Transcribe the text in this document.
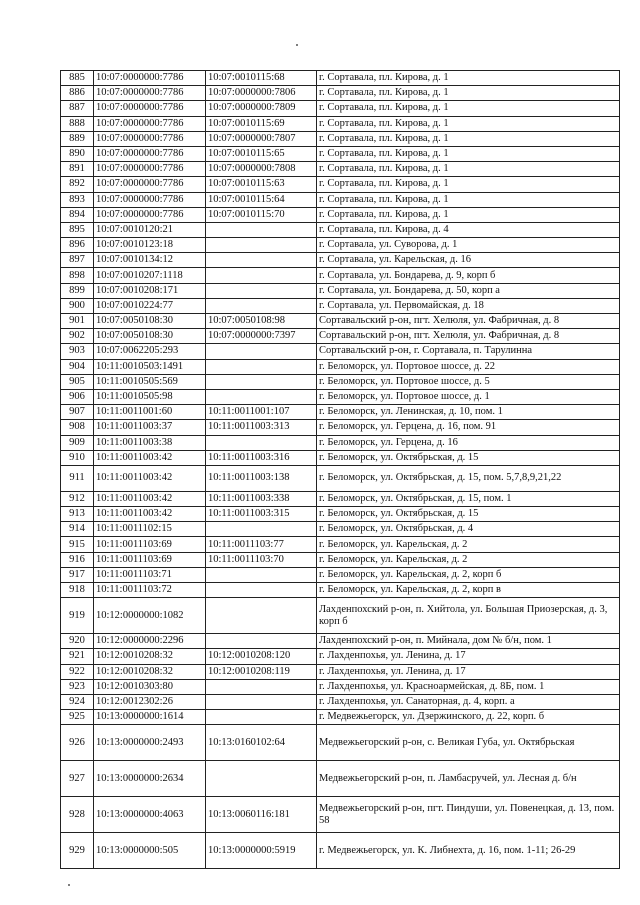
885	10:07:0000000:7786	10:07:0010115:68	г. Сортавала, пл. Кирова, д. 1
886	10:07:0000000:7786	10:07:0000000:7806	г. Сортавала, пл. Кирова, д. 1
887	10:07:0000000:7786	10:07:0000000:7809	г. Сортавала, пл. Кирова, д. 1
888	10:07:0000000:7786	10:07:0010115:69	г. Сортавала, пл. Кирова, д. 1
889	10:07:0000000:7786	10:07:0000000:7807	г. Сортавала, пл. Кирова, д. 1
890	10:07:0000000:7786	10:07:0010115:65	г. Сортавала, пл. Кирова, д. 1
891	10:07:0000000:7786	10:07:0000000:7808	г. Сортавала, пл. Кирова, д. 1
892	10:07:0000000:7786	10:07:0010115:63	г. Сортавала, пл. Кирова, д. 1
893	10:07:0000000:7786	10:07:0010115:64	г. Сортавала, пл. Кирова, д. 1
894	10:07:0000000:7786	10:07:0010115:70	г. Сортавала, пл. Кирова, д. 1
895	10:07:0010120:21		г. Сортавала, пл. Кирова, д. 4
896	10:07:0010123:18		г. Сортавала, ул. Суворова, д. 1
897	10:07:0010134:12		г. Сортавала, ул. Карельская, д. 16
898	10:07:0010207:1118		г. Сортавала, ул. Бондарева, д. 9, корп б
899	10:07:0010208:171		г. Сортавала, ул. Бондарева, д. 50, корп а
900	10:07:0010224:77		г. Сортавала, ул. Первомайская, д. 18
901	10:07:0050108:30	10:07:0050108:98	Сортавальский р-он, пгт. Хелюля, ул. Фабричная, д. 8
902	10:07:0050108:30	10:07:0000000:7397	Сортавальский р-он, пгт. Хелюля, ул. Фабричная, д. 8
903	10:07:0062205:293		Сортавальский р-он, г. Сортавала, п. Тарулинна
904	10:11:0010503:1491		г. Беломорск, ул. Портовое шоссе, д. 22
905	10:11:0010505:569		г. Беломорск, ул. Портовое шоссе, д. 5
906	10:11:0010505:98		г. Беломорск, ул. Портовое шоссе, д. 1
907	10:11:0011001:60	10:11:0011001:107	г. Беломорск, ул. Ленинская, д. 10, пом. 1
908	10:11:0011003:37	10:11:0011003:313	г. Беломорск, ул. Герцена, д. 16, пом. 91
909	10:11:0011003:38		г. Беломорск, ул. Герцена, д. 16
910	10:11:0011003:42	10:11:0011003:316	г. Беломорск, ул. Октябрьская, д. 15
911	10:11:0011003:42	10:11:0011003:138	г. Беломорск, ул. Октябрьская, д. 15, пом. 5,7,8,9,21,22
912	10:11:0011003:42	10:11:0011003:338	г. Беломорск, ул. Октябрьская, д. 15, пом. 1
913	10:11:0011003:42	10:11:0011003:315	г. Беломорск, ул. Октябрьская, д. 15
914	10:11:0011102:15		г. Беломорск, ул. Октябрьская, д. 4
915	10:11:0011103:69	10:11:0011103:77	г. Беломорск, ул. Карельская, д. 2
916	10:11:0011103:69	10:11:0011103:70	г. Беломорск, ул. Карельская, д. 2
917	10:11:0011103:71		г. Беломорск, ул. Карельская, д. 2, корп б
918	10:11:0011103:72		г. Беломорск, ул. Карельская, д. 2, корп в
919	10:12:0000000:1082		Лахденпохский р-он, п. Хийтола, ул. Большая Приозерская, д. 3, корп б
920	10:12:0000000:2296		Лахденпохский р-он, п. Мийнала, дом № б/н, пом. 1
921	10:12:0010208:32	10:12:0010208:120	г. Лахденпохья, ул. Ленина, д. 17
922	10:12:0010208:32	10:12:0010208:119	г. Лахденпохья, ул. Ленина, д. 17
923	10:12:0010303:80		г. Лахденпохья, ул. Красноармейская, д. 8Б, пом. 1
924	10:12:0012302:26		г. Лахденпохья, ул. Санаторная, д. 4, корп. а
925	10:13:0000000:1614		г. Медвежьегорск, ул. Дзержинского, д. 22, корп. б
926	10:13:0000000:2493	10:13:0160102:64	Медвежьегорский р-он, с. Великая Губа, ул. Октябрьская
927	10:13:0000000:2634		Медвежьегорский р-он, п. Ламбасручей, ул. Лесная д. б/н
928	10:13:0000000:4063	10:13:0060116:181	Медвежьегорский р-он, пгт. Пиндуши, ул. Повенецкая, д. 13, пом. 58
929	10:13:0000000:505	10:13:0000000:5919	г. Медвежьегорск, ул. К. Либнехта, д. 16, пом. 1-11; 26-29
